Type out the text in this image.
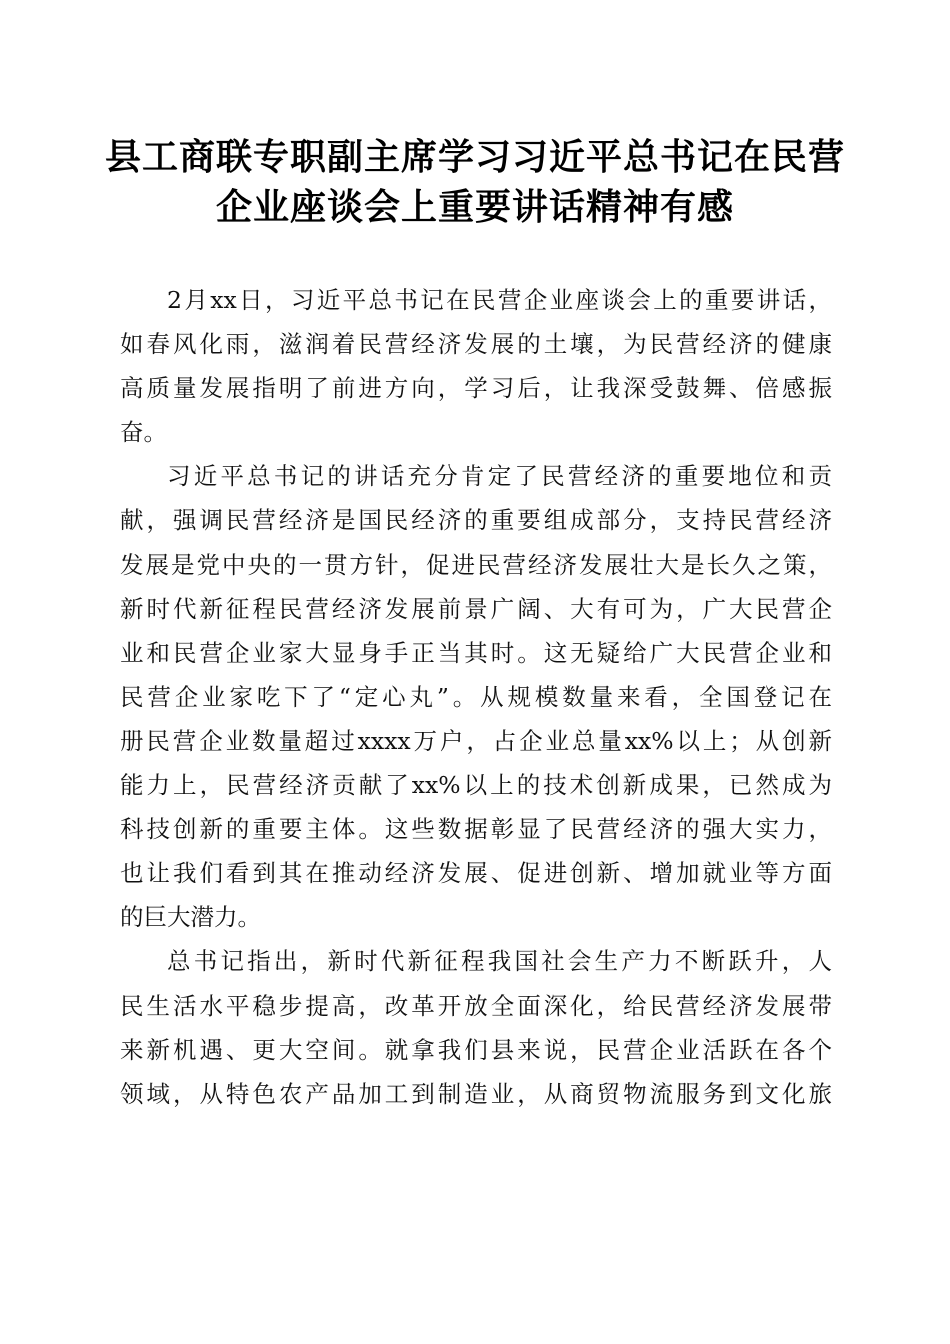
县工商联专职副主席学习习近平总书记在民营
企业座谈会上重要讲话精神有感
2月xx日，习近平总书记在民营企业座谈会上的重要讲话，
如春风化雨，滋润着民营经济发展的土壤，为民营经济的健康
高质量发展指明了前进方向，学习后，让我深受鼓舞、倍感振
奋。
习近平总书记的讲话充分肯定了民营经济的重要地位和贡
献，强调民营经济是国民经济的重要组成部分，支持民营经济
发展是党中央的一贯方针，促进民营经济发展壮大是长久之策，
新时代新征程民营经济发展前景广阔、大有可为，广大民营企
业和民营企业家大显身手正当其时。这无疑给广大民营企业和
民营企业家吃下了“定心丸”。从规模数量来看，全国登记在
册民营企业数量超过xxxx万户，占企业总量xx%以上；从创新
能力上，民营经济贡献了xx%以上的技术创新成果，已然成为
科技创新的重要主体。这些数据彰显了民营经济的强大实力，
也让我们看到其在推动经济发展、促进创新、增加就业等方面
的巨大潜力。
总书记指出，新时代新征程我国社会生产力不断跃升，人
民生活水平稳步提高，改革开放全面深化，给民营经济发展带
来新机遇、更大空间。就拿我们县来说，民营企业活跃在各个
领域，从特色农产品加工到制造业，从商贸物流服务到文化旅
